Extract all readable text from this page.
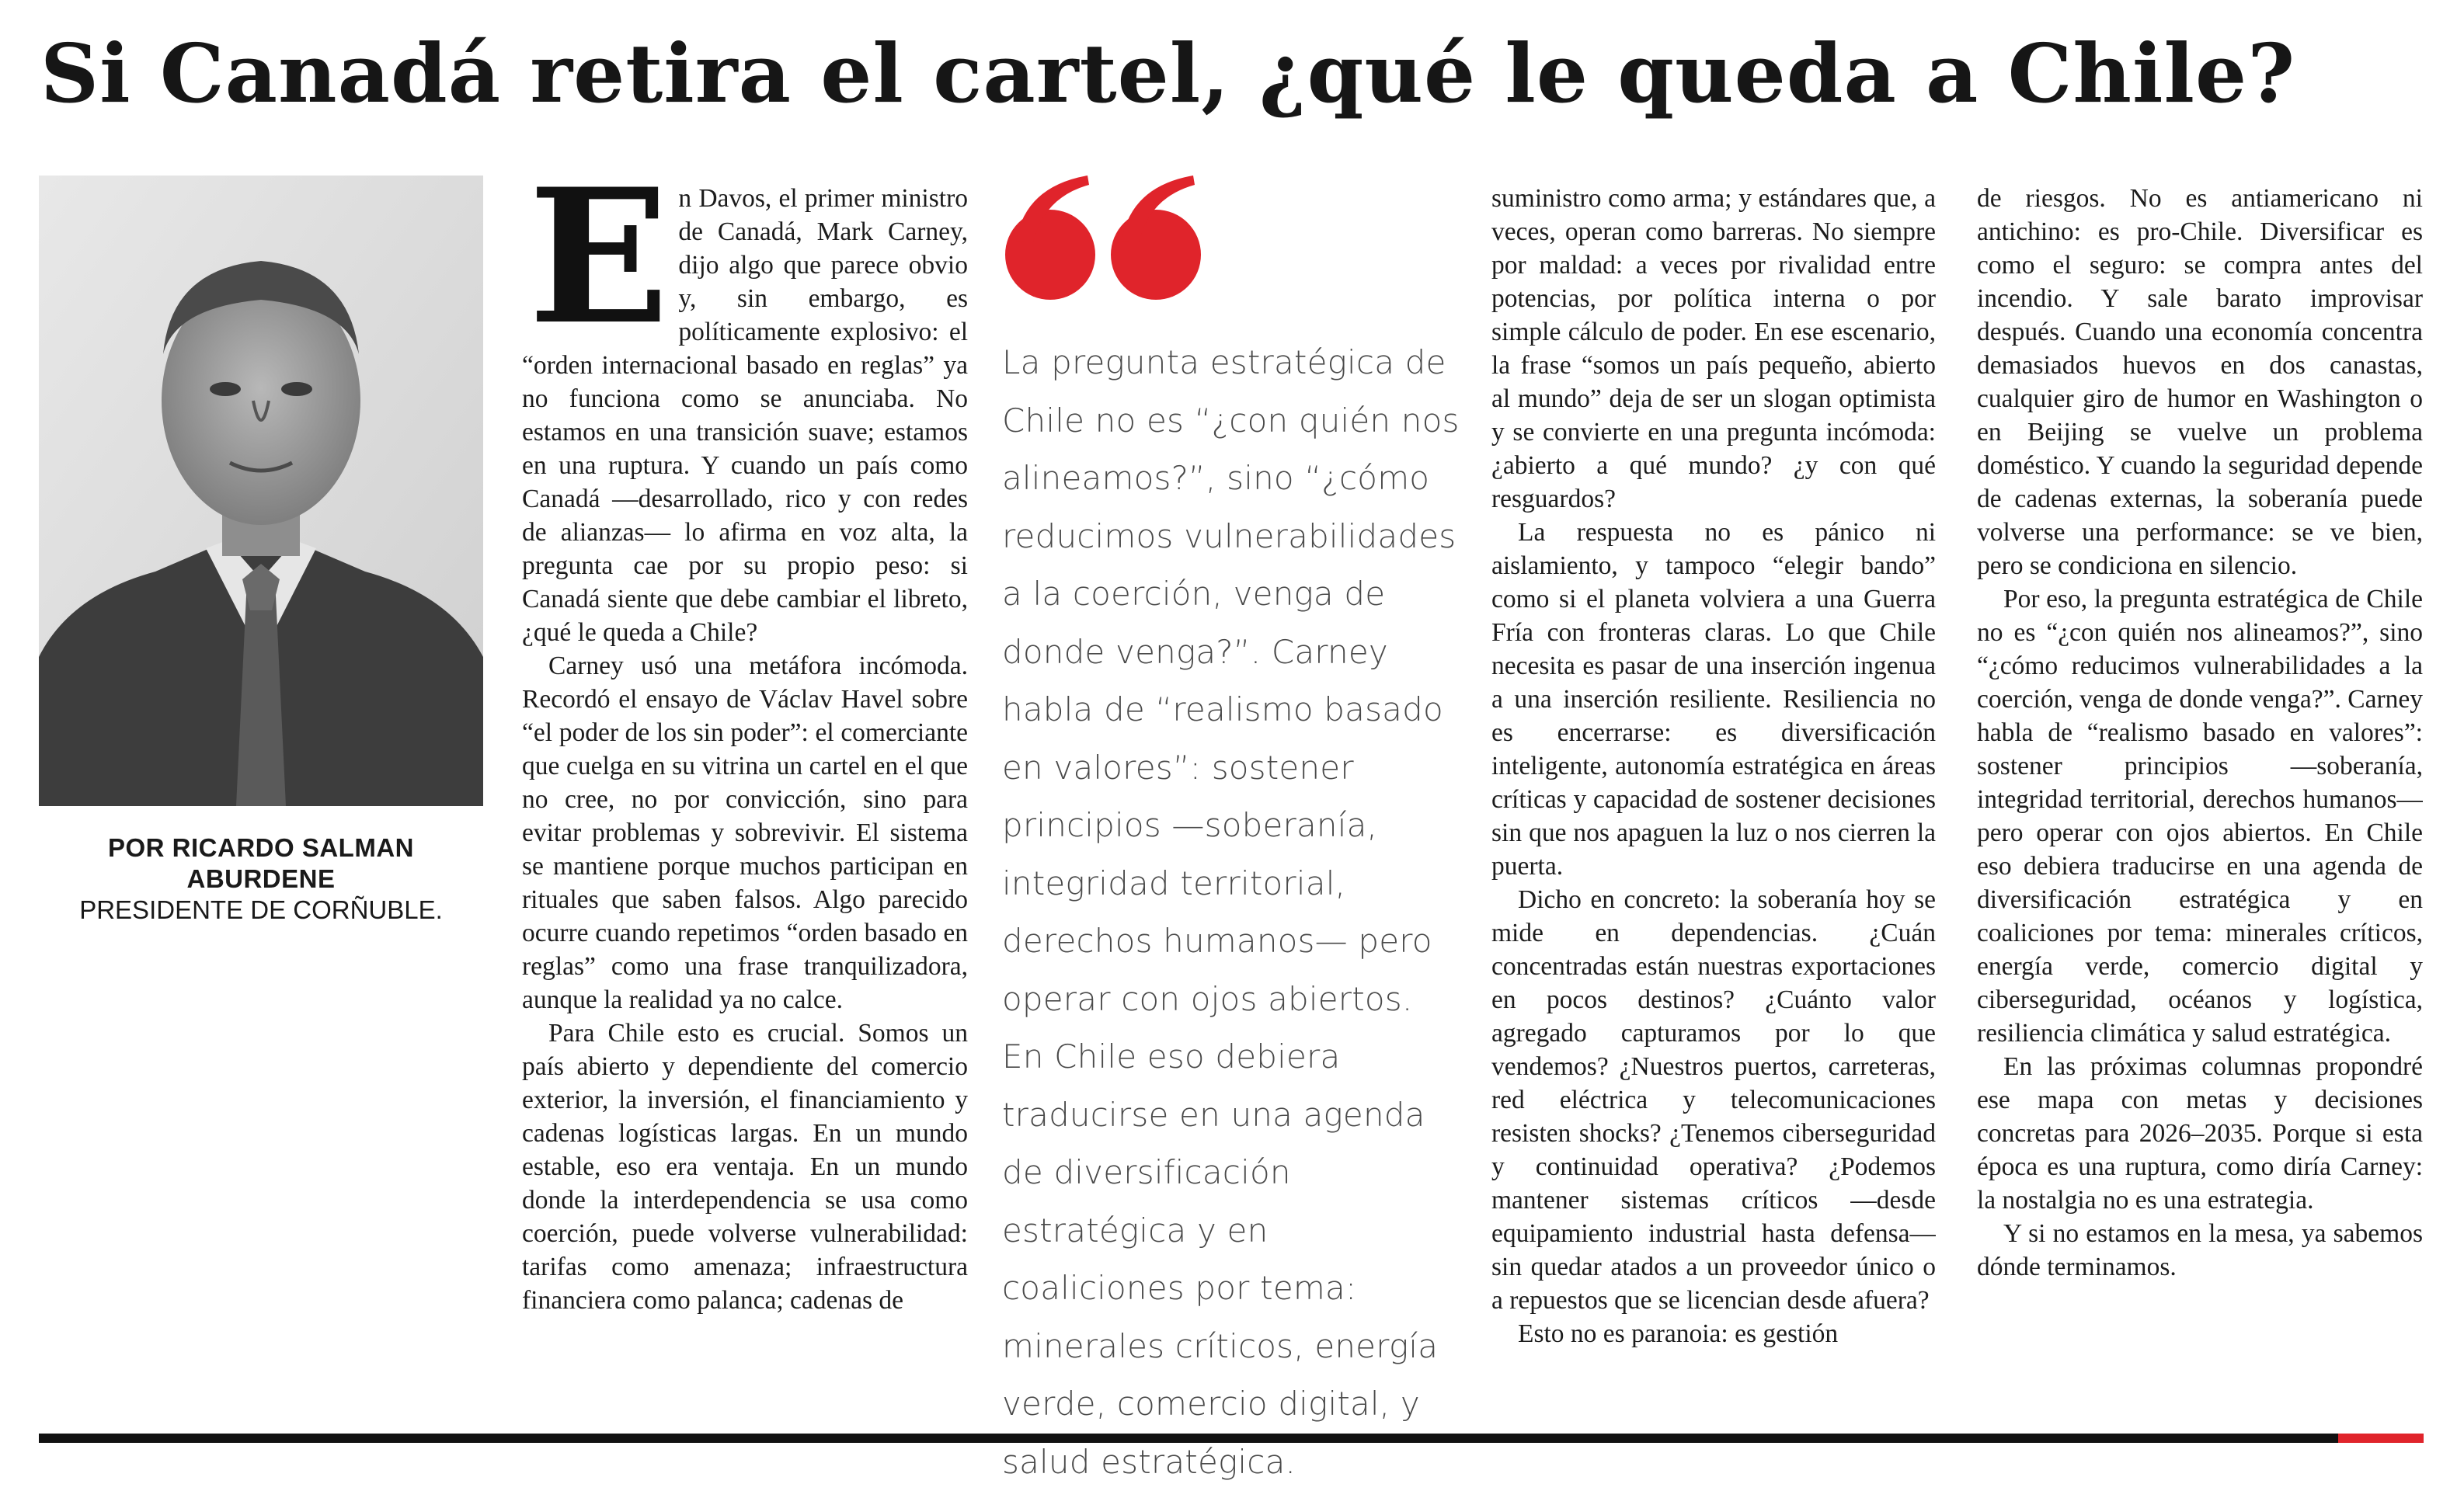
Si Canadá retira el cartel, ¿qué le queda a Chile?
POR RICARDO SALMAN ABURDENE
PRESIDENTE DE CORÑUBLE.

En Davos, el primer ministro de Canadá, Mark Carney, dijo algo que parece obvio y, sin embargo, es políticamente explosivo: el “orden internacional basado en reglas” ya no funciona como se anunciaba. No estamos en una transición suave; estamos en una ruptura. Y cuando un país como Canadá —desarrollado, rico y con redes de alianzas— lo afirma en voz alta, la pregunta cae por su propio peso: si Canadá siente que debe cambiar el libreto, ¿qué le queda a Chile?

Carney usó una metáfora incómoda. Recordó el ensayo de Václav Havel sobre “el poder de los sin poder”: el comerciante que cuelga en su vitrina un cartel en el que no cree, no por convicción, sino para evitar problemas y sobrevivir. El sistema se mantiene porque muchos participan en rituales que saben falsos. Algo parecido ocurre cuando repetimos “orden basado en reglas” como una frase tranquilizadora, aunque la realidad ya no calce.

Para Chile esto es crucial. Somos un país abierto y dependiente del comercio exterior, la inversión, el financiamiento y cadenas logísticas largas. En un mundo estable, eso era ventaja. En un mundo donde la interdependencia se usa como coerción, puede volverse vulnerabilidad: tarifas como amenaza; infraestructura financiera como palanca; cadenas de

La pregunta estratégica de Chile no es “¿con quién nos alineamos?”, sino “¿cómo reducimos vulnerabilidades a la coerción, venga de donde venga?”. Carney habla de “realismo basado en valores”: sostener principios —soberanía, integridad territorial, derechos humanos— pero operar con ojos abiertos. En Chile eso debiera traducirse en una agenda de diversificación estratégica y en coaliciones por tema: minerales críticos, energía verde, comercio digital, y salud estratégica.

suministro como arma; y estándares que, a veces, operan como barreras. No siempre por maldad: a veces por rivalidad entre potencias, por política interna o por simple cálculo de poder. En ese escenario, la frase “somos un país pequeño, abierto al mundo” deja de ser un slogan optimista y se convierte en una pregunta incómoda: ¿abierto a qué mundo? ¿y con qué resguardos?

La respuesta no es pánico ni aislamiento, y tampoco “elegir bando” como si el planeta volviera a una Guerra Fría con fronteras claras. Lo que Chile necesita es pasar de una inserción ingenua a una inserción resiliente. Resiliencia no es encerrarse: es diversificación inteligente, autonomía estratégica en áreas críticas y capacidad de sostener decisiones sin que nos apaguen la luz o nos cierren la puerta.

Dicho en concreto: la soberanía hoy se mide en dependencias. ¿Cuán concentradas están nuestras exportaciones en pocos destinos? ¿Cuánto valor agregado capturamos por lo que vendemos? ¿Nuestros puertos, carreteras, red eléctrica y telecomunicaciones resisten shocks? ¿Tenemos ciberseguridad y continuidad operativa? ¿Podemos mantener sistemas críticos —desde equipamiento industrial hasta defensa— sin quedar atados a un proveedor único o a repuestos que se licencian desde afuera?

Esto no es paranoia: es gestión

de riesgos. No es antiamericano ni antichino: es pro-Chile. Diversificar es como el seguro: se compra antes del incendio. Y sale barato improvisar después. Cuando una economía concentra demasiados huevos en dos canastas, cualquier giro de humor en Washington o en Beijing se vuelve un problema doméstico. Y cuando la seguridad depende de cadenas externas, la soberanía puede volverse una performance: se ve bien, pero se condiciona en silencio.

Por eso, la pregunta estratégica de Chile no es “¿con quién nos alineamos?”, sino “¿cómo reducimos vulnerabilidades a la coerción, venga de donde venga?”. Carney habla de “realismo basado en valores”: sostener principios —soberanía, integridad territorial, derechos humanos— pero operar con ojos abiertos. En Chile eso debiera traducirse en una agenda de diversificación estratégica y en coaliciones por tema: minerales críticos, energía verde, comercio digital y ciberseguridad, océanos y logística, resiliencia climática y salud estratégica.

En las próximas columnas propondré ese mapa con metas y decisiones concretas para 2026–2035. Porque si esta época es una ruptura, como diría Carney: la nostalgia no es una estrategia.

Y si no estamos en la mesa, ya sabemos dónde terminamos.
